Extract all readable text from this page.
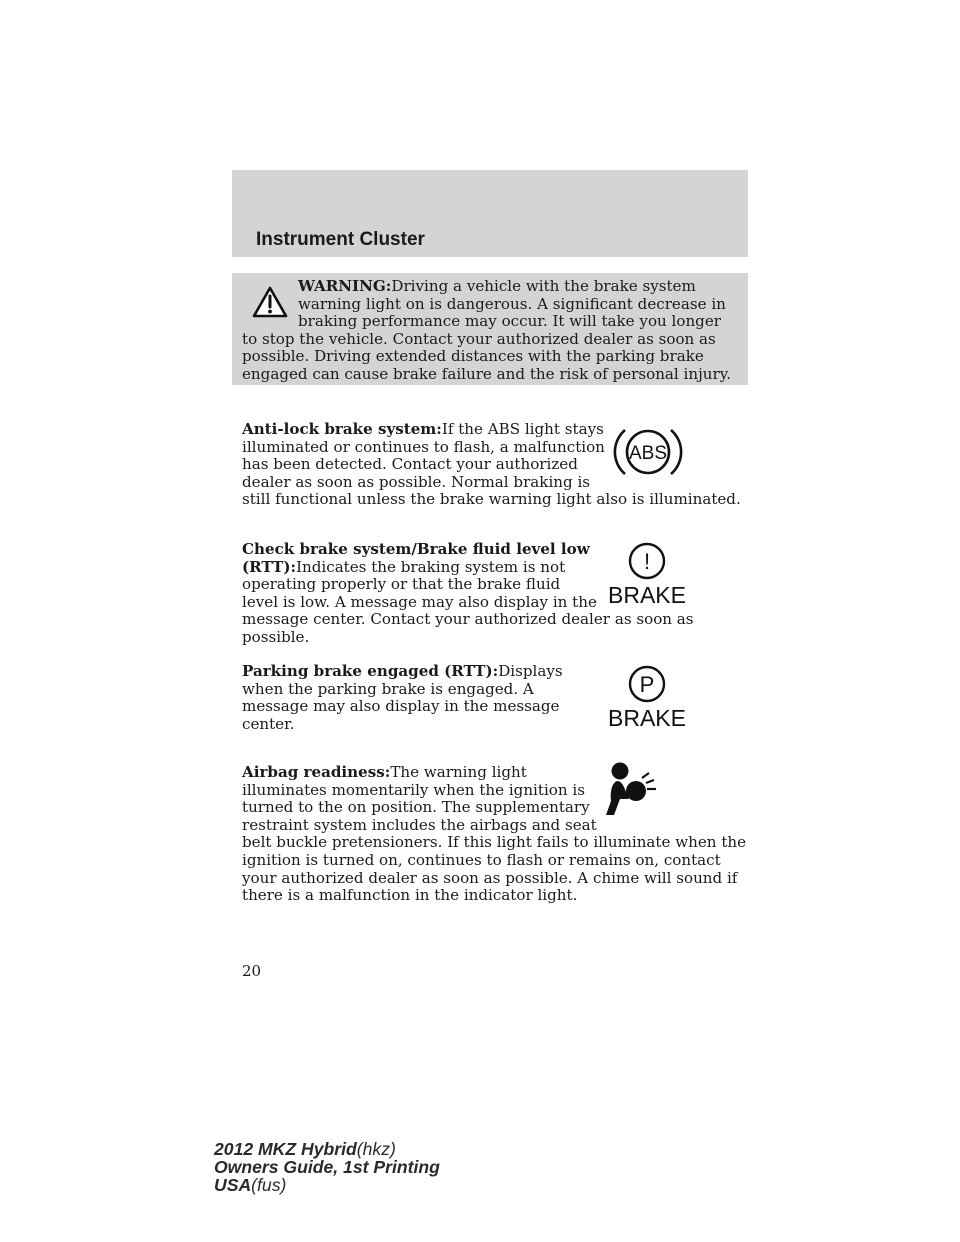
Instrument Cluster
WARNING:Driving a vehicle with the brake system warning light on is dangerous. A significant decrease in braking performance may occur. It will take you longer to stop the vehicle. Contact your authorized dealer as soon as possible. Driving extended distances with the parking brake engaged can cause brake failure and the risk of personal injury.
ABS

Anti-lock brake system:If the ABS light stays illuminated or continues to flash, a malfunction has been detected. Contact your authorized dealer as soon as possible. Normal braking is still functional unless the brake warning light also is illuminated.

!
BRAKE

Check brake system/Brake fluid level low (RTT):Indicates the braking system is not operating properly or that the brake fluid level is low. A message may also display in the message center. Contact your authorized dealer as soon as possible.

P
BRAKE

Parking brake engaged (RTT):Displays when the parking brake is engaged. A message may also display in the message center.

Airbag readiness:The warning light illuminates momentarily when the ignition is turned to the on position. The supplementary restraint system includes the airbags and seat belt buckle pretensioners. If this light fails to illuminate when the ignition is turned on, continues to flash or remains on, contact your authorized dealer as soon as possible. A chime will sound if there is a malfunction in the indicator light.

20
2012 MKZ Hybrid(hkz)
Owners Guide, 1st Printing
USA(fus)
